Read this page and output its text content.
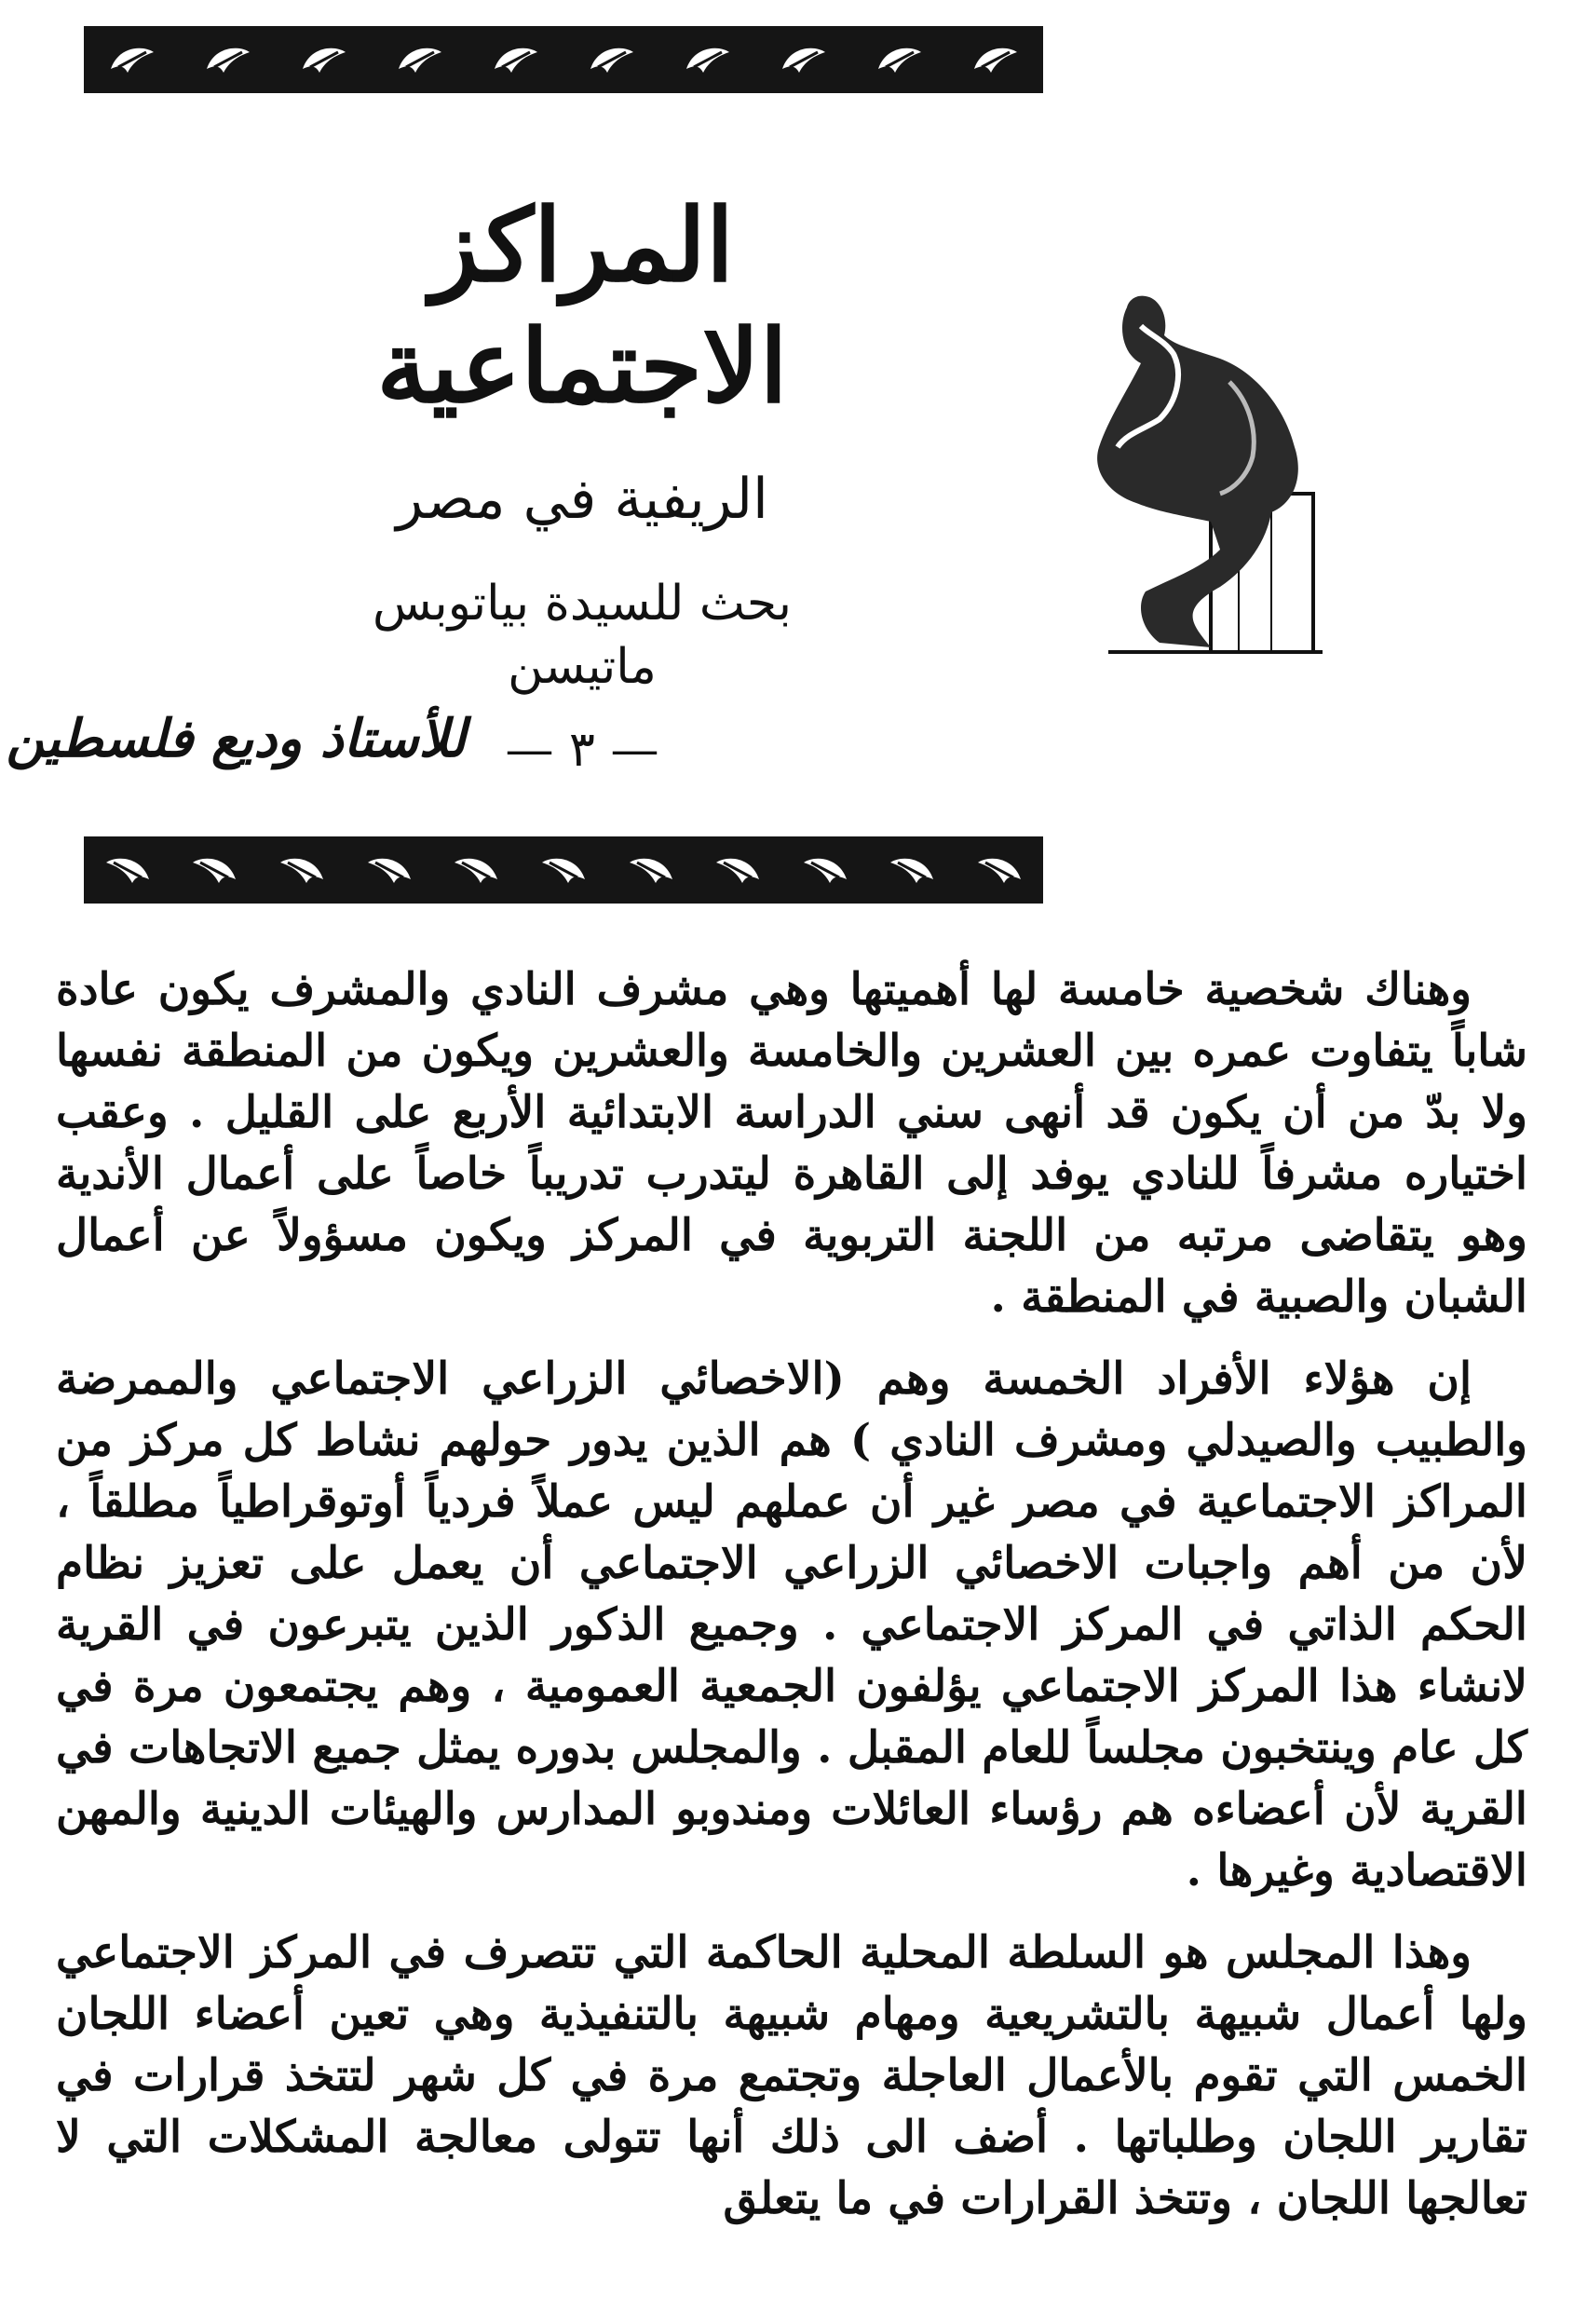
المراكز الاجتماعية
الريفية في مصر
بحث للسيدة بياتوبس ماتيسن
— ٣ —
للأستاذ وديع فلسطين

وهناك شخصية خامسة لها أهميتها وهي مشرف النادي والمشرف يكون عادة شاباً يتفاوت عمره بين العشرين والخامسة والعشرين ويكون من المنطقة نفسها ولا بدّ من أن يكون قد أنهى سني الدراسة الابتدائية الأربع على القليل . وعقب اختياره مشرفاً للنادي يوفد إلى القاهرة ليتدرب تدريباً خاصاً على أعمال الأندية وهو يتقاضى مرتبه من اللجنة التربوية في المركز ويكون مسؤولاً عن أعمال الشبان والصبية في المنطقة .

إن هؤلاء الأفراد الخمسة وهم (الاخصائي الزراعي الاجتماعي والممرضة والطبيب والصيدلي ومشرف النادي ) هم الذين يدور حولهم نشاط كل مركز من المراكز الاجتماعية في مصر غير أن عملهم ليس عملاً فردياً أوتوقراطياً مطلقاً ، لأن من أهم واجبات الاخصائي الزراعي الاجتماعي أن يعمل على تعزيز نظام الحكم الذاتي في المركز الاجتماعي . وجميع الذكور الذين يتبرعون في القرية لانشاء هذا المركز الاجتماعي يؤلفون الجمعية العمومية ، وهم يجتمعون مرة في كل عام وينتخبون مجلساً للعام المقبل . والمجلس بدوره يمثل جميع الاتجاهات في القرية لأن أعضاءه هم رؤساء العائلات ومندوبو المدارس والهيئات الدينية والمهن الاقتصادية وغيرها .

وهذا المجلس هو السلطة المحلية الحاكمة التي تتصرف في المركز الاجتماعي ولها أعمال شبيهة بالتشريعية ومهام شبيهة بالتنفيذية وهي تعين أعضاء اللجان الخمس التي تقوم بالأعمال العاجلة وتجتمع مرة في كل شهر لتتخذ قرارات في تقارير اللجان وطلباتها . أضف الى ذلك أنها تتولى معالجة المشكلات التي لا تعالجها اللجان ، وتتخذ القرارات في ما يتعلق
